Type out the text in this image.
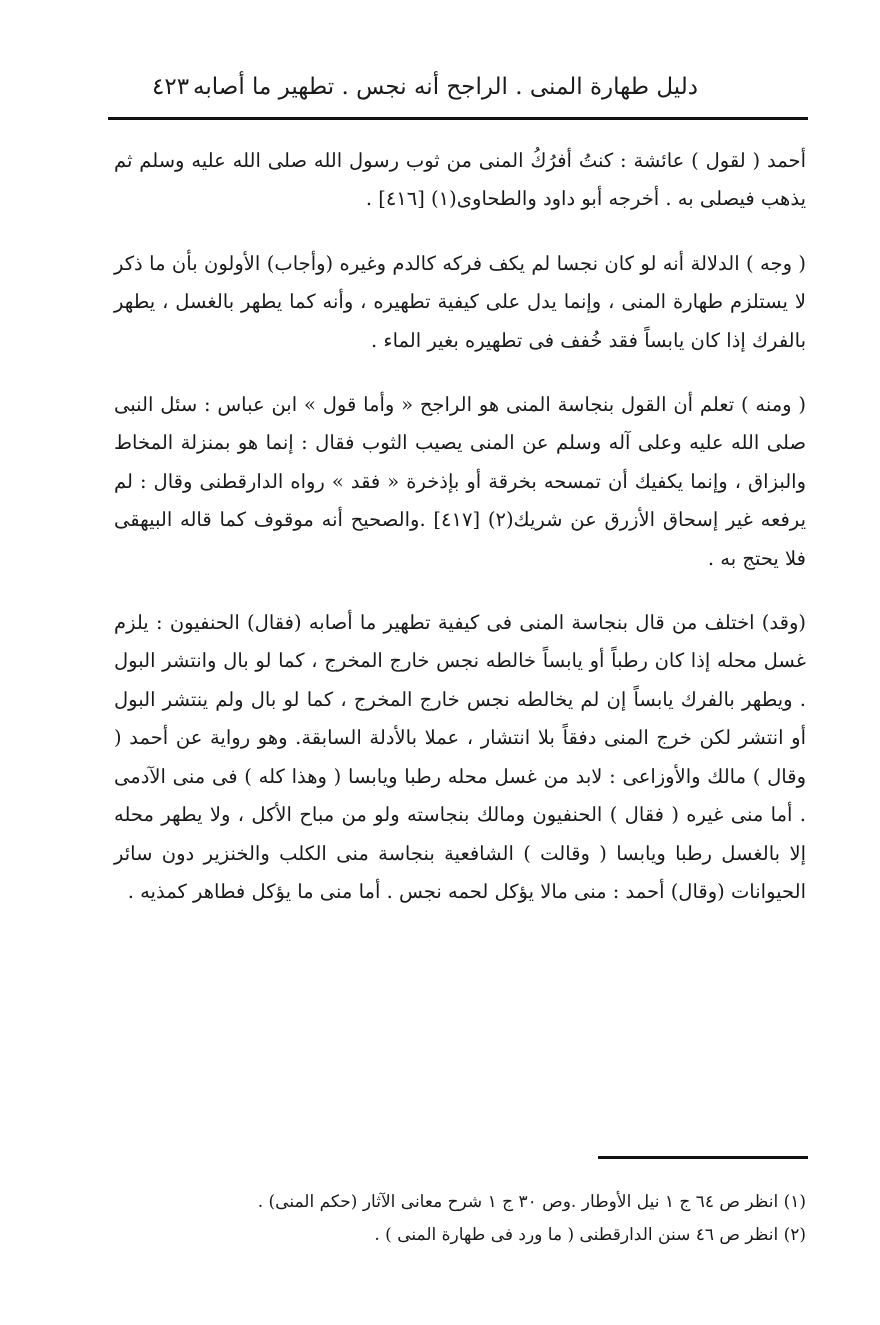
دليل طهارة المنى . الراجح أنه نجس . تطهير ما أصابه
٤٢٣

أحمد ( لقول ) عائشة : كنتُ أفرُكُ المنى من ثوب رسول الله صلى الله عليه وسلم ثم يذهب فيصلى به . أخرجه أبو داود والطحاوى(١) [٤١٦] .

( وجه ) الدلالة أنه لو كان نجسا لم يكف فركه كالدم وغيره (وأجاب) الأولون بأن ما ذكر لا يستلزم طهارة المنى ، وإنما يدل على كيفية تطهيره ، وأنه كما يطهر بالغسل ، يطهر بالفرك إذا كان يابساً فقد خُفف فى تطهيره بغير الماء .

( ومنه ) تعلم أن القول بنجاسة المنى هو الراجح « وأما قول » ابن عباس : سئل النبى صلى الله عليه وعلى آله وسلم عن المنى يصيب الثوب فقال : إنما هو بمنزلة المخاط والبزاق ، وإنما يكفيك أن تمسحه بخرقة أو بإذخرة « فقد » رواه الدارقطنى وقال : لم يرفعه غير إسحاق الأزرق عن شريك(٢) [٤١٧] .والصحيح أنه موقوف كما قاله البيهقى فلا يحتج به .

(وقد) اختلف من قال بنجاسة المنى فى كيفية تطهير ما أصابه (فقال) الحنفيون : يلزم غسل محله إذا كان رطباً أو يابساً خالطه نجس خارج المخرج ، كما لو بال وانتشر البول . ويطهر بالفرك يابساً إن لم يخالطه نجس خارج المخرج ، كما لو بال ولم ينتشر البول أو انتشر لكن خرج المنى دفقاً بلا انتشار ، عملا بالأدلة السابقة. وهو رواية عن أحمد ( وقال ) مالك والأوزاعى : لابد من غسل محله رطبا ويابسا ( وهذا كله ) فى منى الآدمى . أما منى غيره ( فقال ) الحنفيون ومالك بنجاسته ولو من مباح الأكل ، ولا يطهر محله إلا بالغسل رطبا ويابسا ( وقالت ) الشافعية بنجاسة منى الكلب والخنزير دون سائر الحيوانات (وقال) أحمد : منى مالا يؤكل لحمه نجس . أما منى ما يؤكل فطاهر كمذيه .

(١) انظر ص ٦٤ ج ١ نيل الأوطار .وص ٣٠ ج ١ شرح معانى الآثار (حكم المنى) .
(٢) انظر ص ٤٦ سنن الدارقطنى ( ما ورد فى طهارة المنى ) .
